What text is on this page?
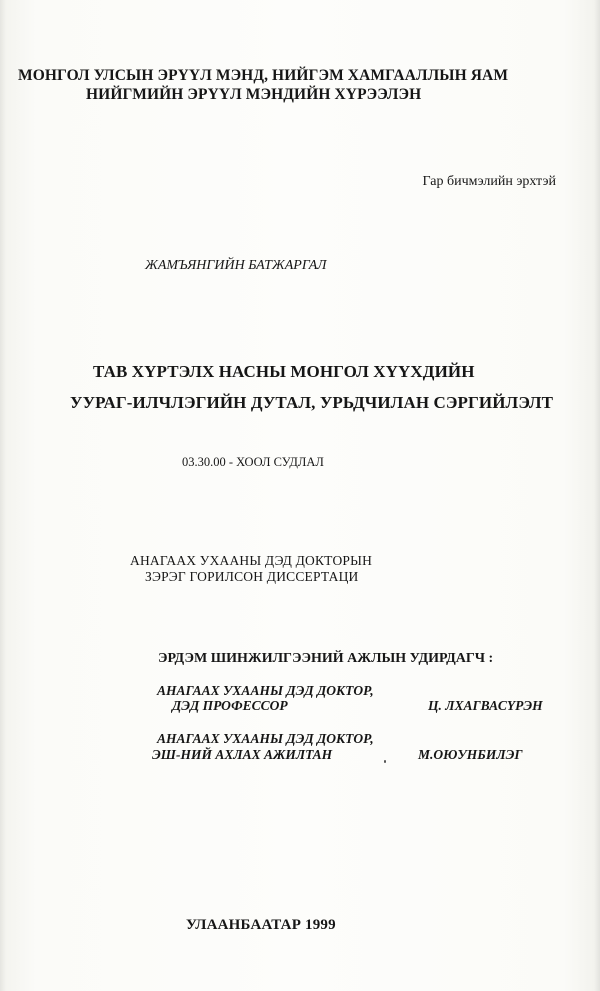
МОНГОЛ УЛСЫН ЭРҮҮЛ МЭНД, НИЙГЭМ ХАМГААЛЛЫН ЯАМ
НИЙГМИЙН ЭРҮҮЛ МЭНДИЙН ХҮРЭЭЛЭН
Гар бичмэлийн эрхтэй
ЖАМЪЯНГИЙН БАТЖАРГАЛ
ТАВ ХҮРТЭЛХ НАСНЫ МОНГОЛ ХҮҮХДИЙН
УУРАГ-ИЛЧЛЭГИЙН ДУТАЛ, УРЬДЧИЛАН СЭРГИЙЛЭЛТ
03.30.00 - ХООЛ СУДЛАЛ
АНАГААХ УХААНЫ ДЭД ДОКТОРЫН
ЗЭРЭГ ГОРИЛСОН ДИССЕРТАЦИ
ЭРДЭМ ШИНЖИЛГЭЭНИЙ АЖЛЫН УДИРДАГЧ :
АНАГААХ УХААНЫ ДЭД ДОКТОР,
ДЭД ПРОФЕССОР	Ц. ЛХАГВАСҮРЭН
АНАГААХ УХААНЫ ДЭД ДОКТОР,
ЭШ-НИЙ АХЛАХ АЖИЛТАН	М.ОЮУНБИЛЭГ
УЛААНБААТАР 1999
